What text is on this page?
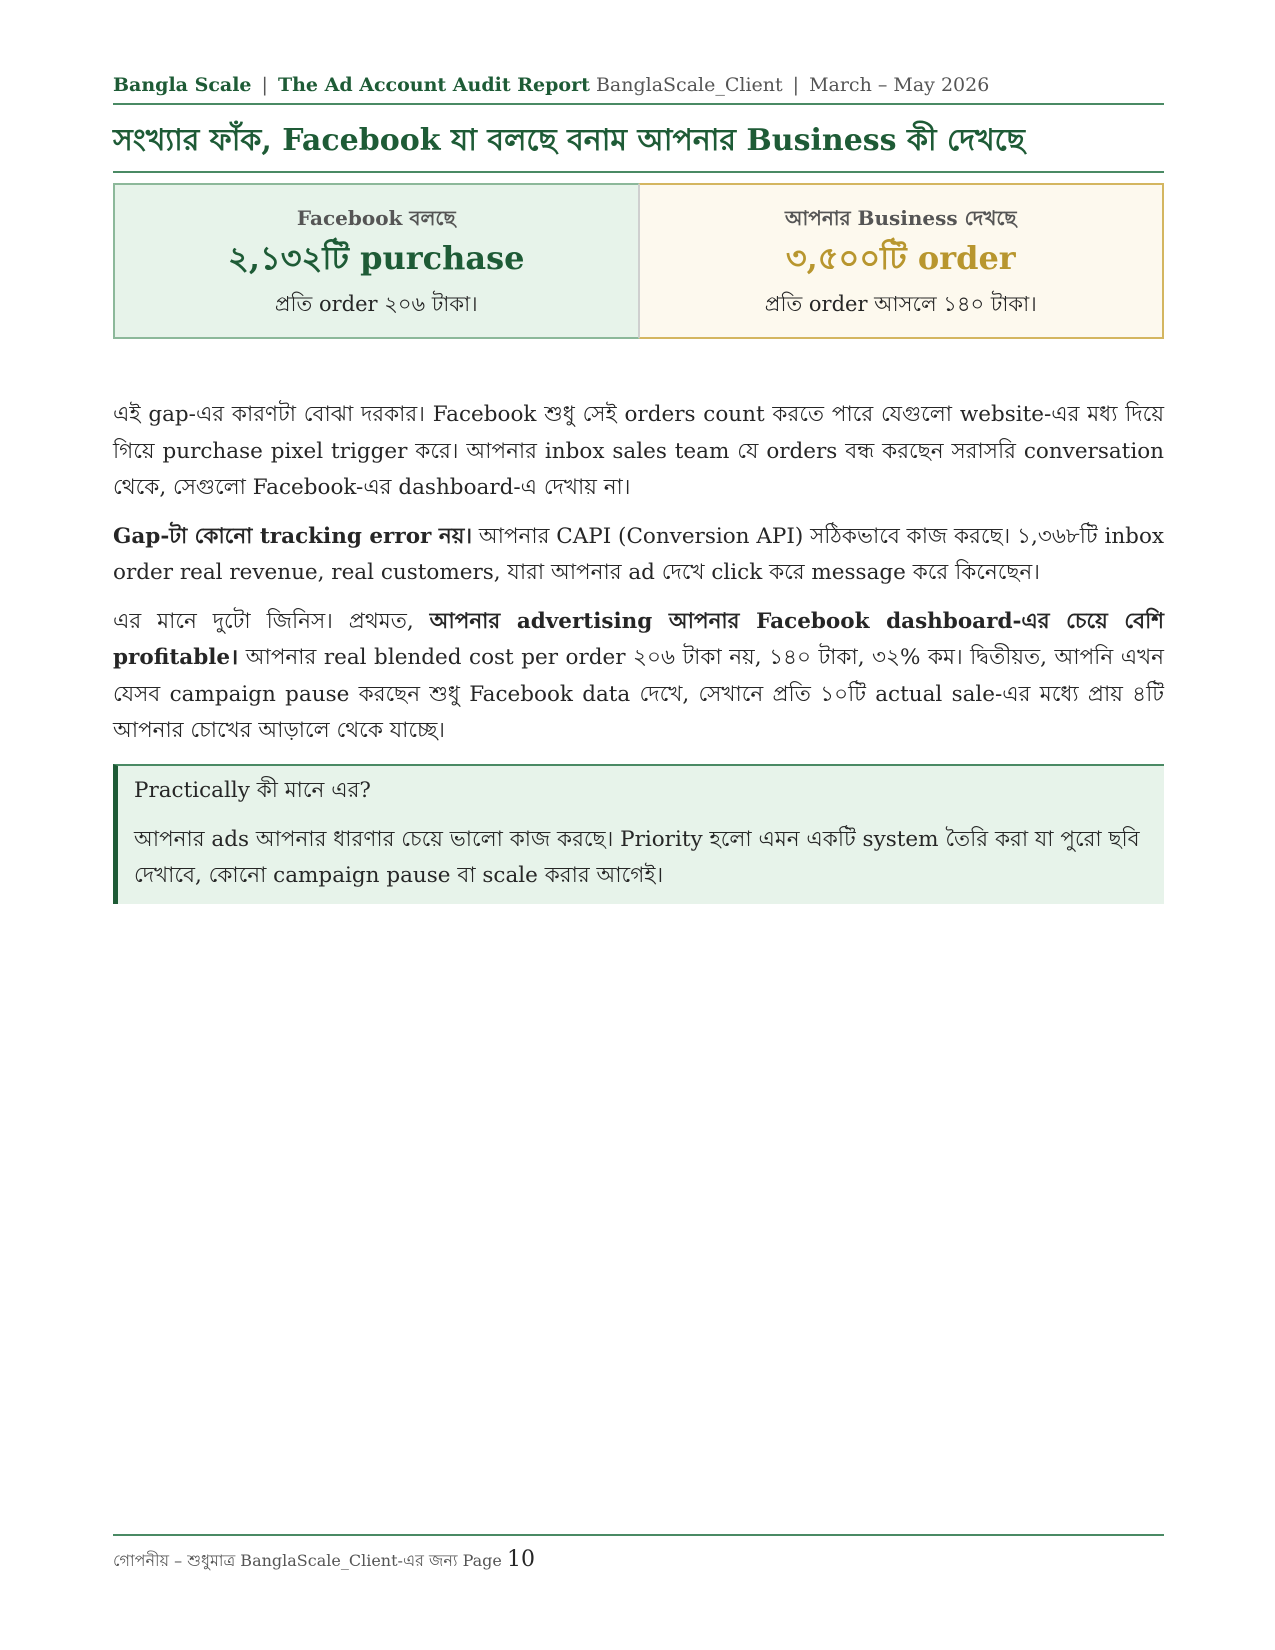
Bangla Scale | The Ad Account Audit Report BanglaScale_Client | March – May 2026
সংখ্যার ফাঁক, Facebook যা বলছে বনাম আপনার Business কী দেখছে
Facebook বলছে
২,১৩২টি purchase
প্রতি order ২০৬ টাকা।
আপনার Business দেখছে
৩,৫০০টি order
প্রতি order আসলে ১৪০ টাকা।

এই gap-এর কারণটা বোঝা দরকার। Facebook শুধু সেই orders count করতে পারে যেগুলো website-এর মধ্য দিয়ে গিয়ে purchase pixel trigger করে। আপনার inbox sales team যে orders বন্ধ করছেন সরাসরি conversation থেকে, সেগুলো Facebook-এর dashboard-এ দেখায় না।

Gap-টা কোনো tracking error নয়। আপনার CAPI (Conversion API) সঠিকভাবে কাজ করছে। ১,৩৬৮টি inbox order real revenue, real customers, যারা আপনার ad দেখে click করে message করে কিনেছেন।

এর মানে দুটো জিনিস। প্রথমত, আপনার advertising আপনার Facebook dashboard-এর চেয়ে বেশি profitable। আপনার real blended cost per order ২০৬ টাকা নয়, ১৪০ টাকা, ৩২% কম। দ্বিতীয়ত, আপনি এখন যেসব campaign pause করছেন শুধু Facebook data দেখে, সেখানে প্রতি ১০টি actual sale-এর মধ্যে প্রায় ৪টি আপনার চোখের আড়ালে থেকে যাচ্ছে।

Practically কী মানে এর?
আপনার ads আপনার ধারণার চেয়ে ভালো কাজ করছে। Priority হলো এমন একটি system তৈরি করা যা পুরো ছবি দেখাবে, কোনো campaign pause বা scale করার আগেই।
গোপনীয় – শুধুমাত্র BanglaScale_Client-এর জন্য Page 10
